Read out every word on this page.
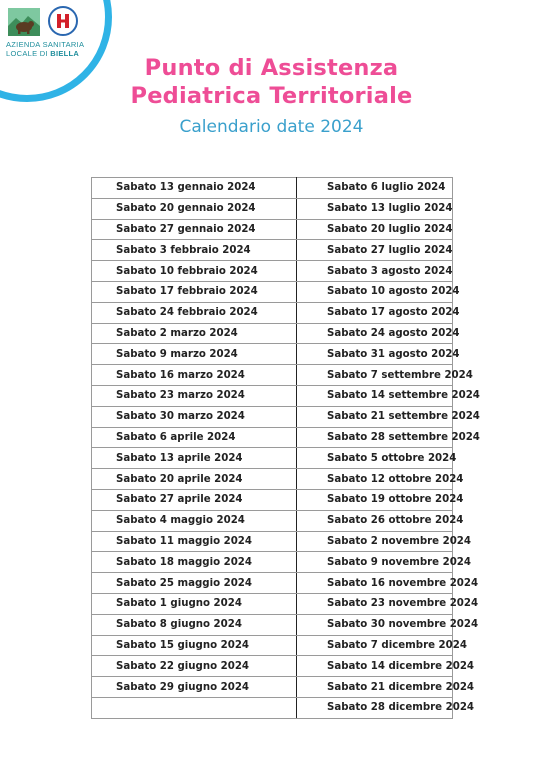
AZIENDA SANITARIA
LOCALE DI BIELLA
Punto di Assistenza
Pediatrica Territoriale
Calendario date 2024
Sabato 13 gennaio 2024	Sabato 6 luglio 2024
Sabato 20 gennaio 2024	Sabato 13 luglio 2024
Sabato 27 gennaio 2024	Sabato 20 luglio 2024
Sabato 3 febbraio 2024	Sabato 27 luglio 2024
Sabato 10 febbraio 2024	Sabato 3 agosto 2024
Sabato 17 febbraio 2024	Sabato 10 agosto 2024
Sabato 24 febbraio 2024	Sabato 17 agosto 2024
Sabato 2 marzo 2024	Sabato 24 agosto 2024
Sabato 9 marzo 2024	Sabato 31 agosto 2024
Sabato 16 marzo 2024	Sabato 7 settembre 2024
Sabato 23 marzo 2024	Sabato 14 settembre 2024
Sabato 30 marzo 2024	Sabato 21 settembre 2024
Sabato 6 aprile 2024	Sabato 28 settembre 2024
Sabato 13 aprile 2024	Sabato 5 ottobre 2024
Sabato 20 aprile 2024	Sabato 12 ottobre 2024
Sabato 27 aprile 2024	Sabato 19 ottobre 2024
Sabato 4 maggio 2024	Sabato 26 ottobre 2024
Sabato 11 maggio 2024	Sabato 2 novembre 2024
Sabato 18 maggio 2024	Sabato 9 novembre 2024
Sabato 25 maggio 2024	Sabato 16 novembre 2024
Sabato 1 giugno 2024	Sabato 23 novembre 2024
Sabato 8 giugno 2024	Sabato 30 novembre 2024
Sabato 15 giugno 2024	Sabato 7 dicembre 2024
Sabato 22 giugno 2024	Sabato 14 dicembre 2024
Sabato 29 giugno 2024	Sabato 21 dicembre 2024
	Sabato 28 dicembre 2024
